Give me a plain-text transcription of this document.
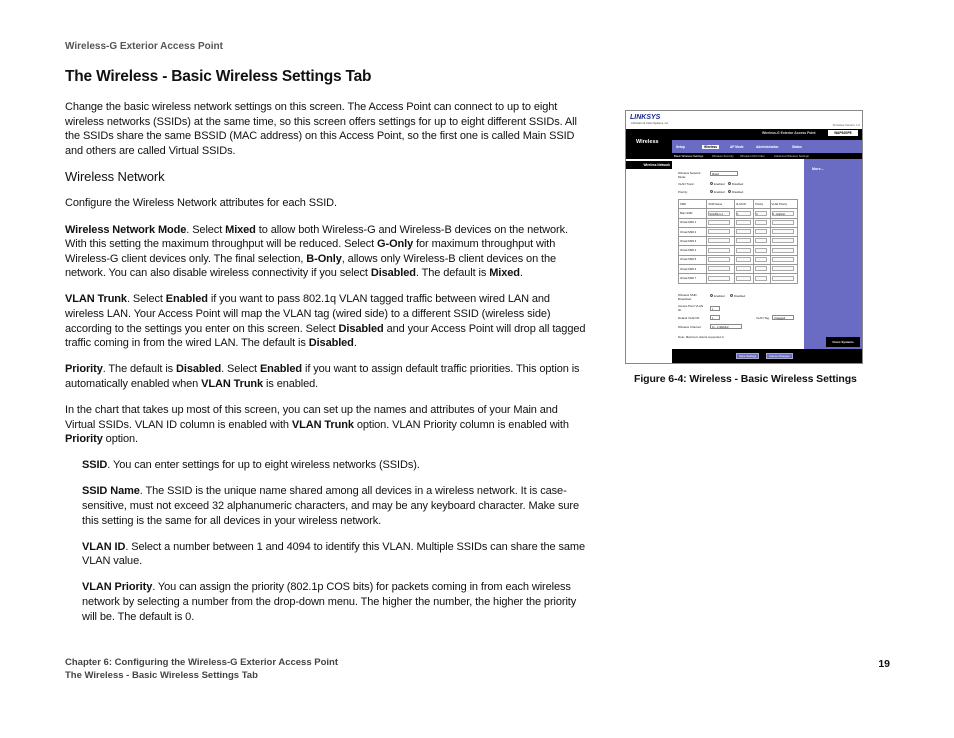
Wireless-G Exterior Access Point
The Wireless - Basic Wireless Settings Tab

Change the basic wireless network settings on this screen. The Access Point can connect to up to eight wireless networks (SSIDs) at the same time, so this screen offers settings for up to eight different SSIDs. All the SSIDs share the same BSSID (MAC address) on this Access Point, so the first one is called Main SSID and others are called Virtual SSIDs.

Wireless Network

Configure the Wireless Network attributes for each SSID.

Wireless Network Mode. Select Mixed to allow both Wireless-G and Wireless-B devices on the network. With this setting the maximum throughput will be reduced. Select G-Only for maximum throughput with Wireless-G client devices only. The final selection, B-Only, allows only Wireless-B client devices on the network. You can also disable wireless connectivity if you select Disabled. The default is Mixed.

VLAN Trunk. Select Enabled if you want to pass 802.1q VLAN tagged traffic between wired LAN and wireless LAN. Your Access Point will map the VLAN tag (wired side) to a different SSID (wireless side) according to the settings you enter on this screen. Select Disabled and your Access Point will drop all tagged traffic coming in from the wired LAN. The default is Disabled.

Priority. The default is Disabled. Select Enabled if you want to assign default traffic priorities. This option is automatically enabled when VLAN Trunk is enabled.

In the chart that takes up most of this screen, you can set up the names and attributes of your Main and Virtual SSIDs. VLAN ID column is enabled with VLAN Trunk option. VLAN Priority column is enabled with Priority option.

SSID. You can enter settings for up to eight wireless networks (SSIDs).

SSID Name. The SSID is the unique name shared among all devices in a wireless network. It is case-sensitive, must not exceed 32 alphanumeric characters, and may be any keyboard character. Make sure this setting is the same for all devices in your wireless network.

VLAN ID. Select a number between 1 and 4094 to identify this VLAN. Multiple SSIDs can share the same VLAN value.

VLAN Priority. You can assign the priority (802.1p COS bits) for packets coming in from each wireless network by selecting a number from the drop-down menu. The higher the number, the higher the priority will be. The default is 0.

LINKSYS
A Division of Cisco Systems, Inc.	Firmware Version: 1.0
Wireless
Wireless-G Exterior Access Point	WAP54GPE
Setup	Wireless	AP Mode	Administration	Status
Basic Wireless Settings	Wireless Security Wireless MAC Filter	Advanced Wireless Settings
Wireless Network
More...
Wireless Network Mode:
Mixed
VLAN Trunk:	Enabled	Disabled
Priority:	Enabled	Disabled
SSID	SSID Name	VLAN ID	Priority	VLAN Priority
Main SSID	SAGPE-1-1	1	0	0 - Highest
Virtual SSID 1				
Virtual SSID 2				
Virtual SSID 3				
Virtual SSID 4				
Virtual SSID 5				
Virtual SSID 6				
Virtual SSID 7				
Wireless SSID Broadcast:
Enabled	Disabled
Access Point VLAN ID:	1
Default VLAN ID:	1	VLAN Tag:	Untagged
Wireless Channel:	11 - 2.462GHz
Note: Maximum clients supported in
Cisco Systems
Save Settings	Cancel Changes
Figure 6-4: Wireless - Basic Wireless Settings
Chapter 6: Configuring the Wireless-G Exterior Access Point
The Wireless - Basic Wireless Settings Tab
19
